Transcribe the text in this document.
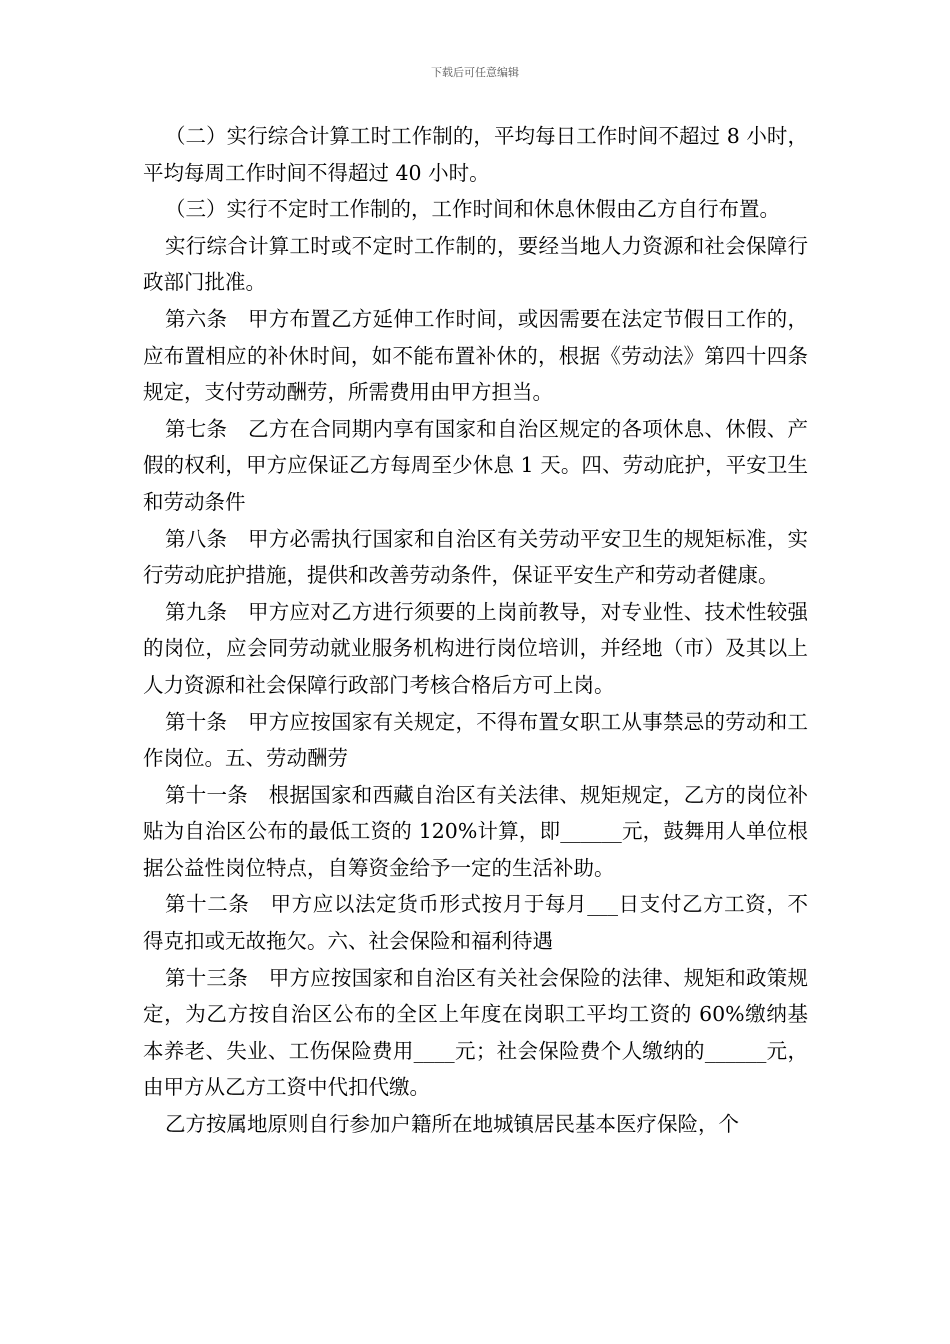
下载后可任意编辑

（二）实行综合计算工时工作制的，平均每日工作时间不超过 8 小时，平均每周工作时间不得超过 40 小时。

（三）实行不定时工作制的，工作时间和休息休假由乙方自行布置。

实行综合计算工时或不定时工作制的，要经当地人力资源和社会保障行政部门批准。

第六条　甲方布置乙方延伸工作时间，或因需要在法定节假日工作的，应布置相应的补休时间，如不能布置补休的，根据《劳动法》第四十四条规定，支付劳动酬劳，所需费用由甲方担当。

第七条　乙方在合同期内享有国家和自治区规定的各项休息、休假、产假的权利，甲方应保证乙方每周至少休息 1 天。四、劳动庇护，平安卫生和劳动条件

第八条　甲方必需执行国家和自治区有关劳动平安卫生的规矩标准，实行劳动庇护措施，提供和改善劳动条件，保证平安生产和劳动者健康。

第九条　甲方应对乙方进行须要的上岗前教导，对专业性、技术性较强的岗位，应会同劳动就业服务机构进行岗位培训，并经地（市）及其以上人力资源和社会保障行政部门考核合格后方可上岗。

第十条　甲方应按国家有关规定，不得布置女职工从事禁忌的劳动和工作岗位。五、劳动酬劳

第十一条　根据国家和西藏自治区有关法律、规矩规定，乙方的岗位补贴为自治区公布的最低工资的 120%计算，即______元，鼓舞用人单位根据公益性岗位特点，自筹资金给予一定的生活补助。

第十二条　甲方应以法定货币形式按月于每月___日支付乙方工资，不得克扣或无故拖欠。六、社会保险和福利待遇

第十三条　甲方应按国家和自治区有关社会保险的法律、规矩和政策规定，为乙方按自治区公布的全区上年度在岗职工平均工资的 60%缴纳基本养老、失业、工伤保险费用____元；社会保险费个人缴纳的______元，由甲方从乙方工资中代扣代缴。

乙方按属地原则自行参加户籍所在地城镇居民基本医疗保险，个
